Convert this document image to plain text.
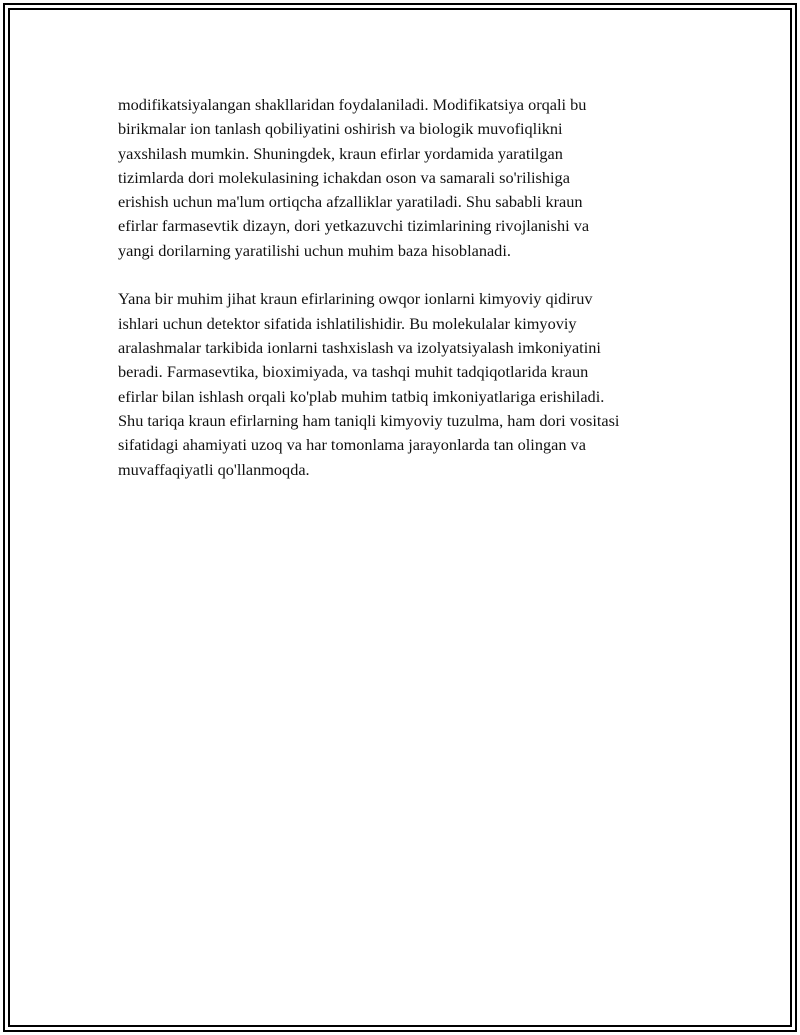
modifikatsiyalangan shakllaridan foydalaniladi. Modifikatsiya orqali bu
birikmalar ion tanlash qobiliyatini oshirish va biologik muvofiqlikni
yaxshilash mumkin. Shuningdek, kraun efirlar yordamida yaratilgan
tizimlarda dori molekulasining ichakdan oson va samarali so'rilishiga
erishish uchun ma'lum ortiqcha afzalliklar yaratiladi. Shu sababli kraun
efirlar farmasevtik dizayn, dori yetkazuvchi tizimlarining rivojlanishi va
yangi dorilarning yaratilishi uchun muhim baza hisoblanadi.

Yana bir muhim jihat kraun efirlarining owqor ionlarni kimyoviy qidiruv
ishlari uchun detektor sifatida ishlatilishidir. Bu molekulalar kimyoviy
aralashmalar tarkibida ionlarni tashxislash va izolyatsiyalash imkoniyatini
beradi. Farmasevtika, bioximiyada, va tashqi muhit tadqiqotlarida kraun
efirlar bilan ishlash orqali ko'plab muhim tatbiq imkoniyatlariga erishiladi.
Shu tariqa kraun efirlarning ham taniqli kimyoviy tuzulma, ham dori vositasi
sifatidagi ahamiyati uzoq va har tomonlama jarayonlarda tan olingan va
muvaffaqiyatli qo'llanmoqda.
